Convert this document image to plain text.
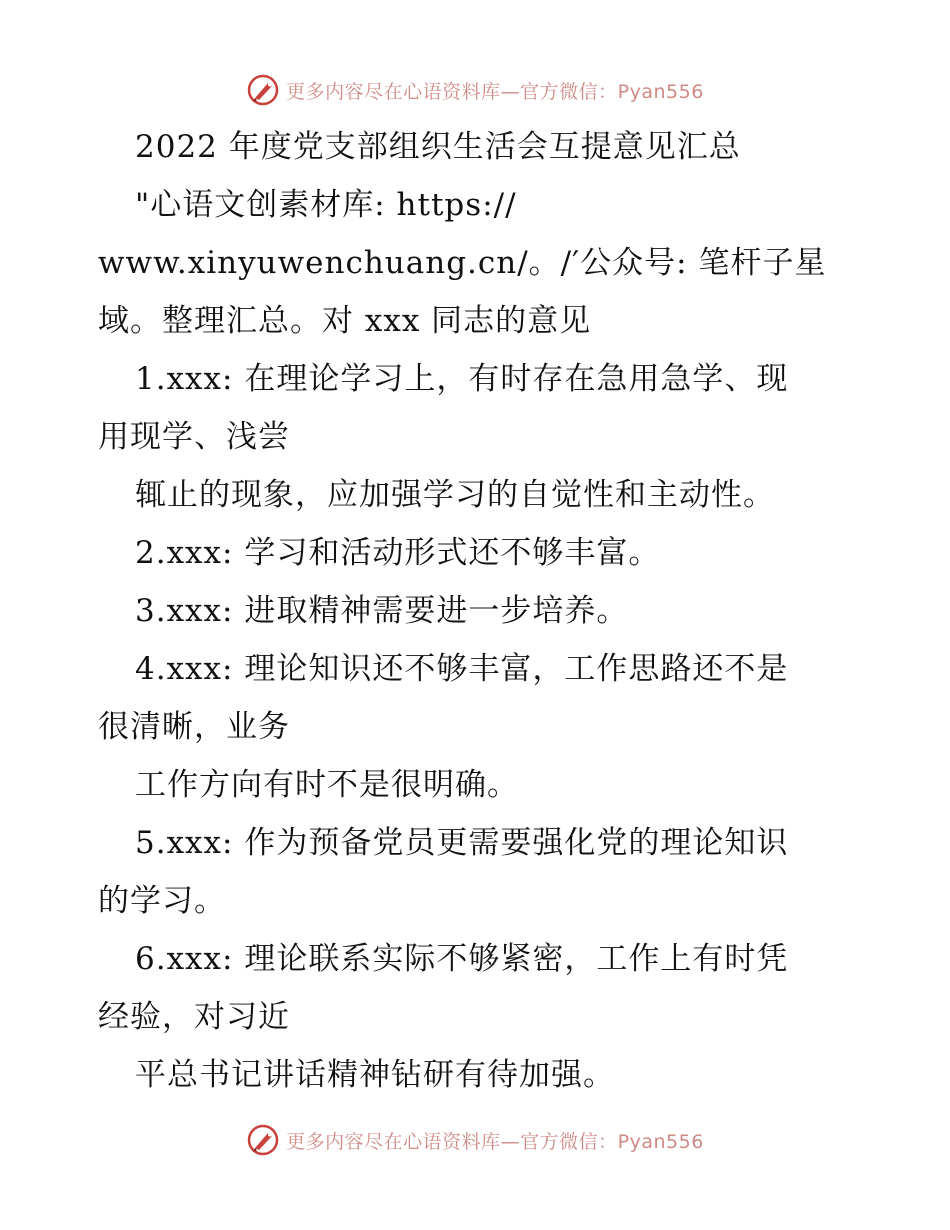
更多内容尽在心语资料库—官方微信：Pyan556
2022 年度党支部组织生活会互提意见汇总
"心语文创素材库: https://
www.xinyuwenchuang.cn/。/′公众号: 笔杆子星
域。整理汇总。对 xxx 同志的意见
1.xxx: 在理论学习上，有时存在急用急学、现
用现学、浅尝
辄止的现象，应加强学习的自觉性和主动性。
2.xxx: 学习和活动形式还不够丰富。
3.xxx: 进取精神需要进一步培养。
4.xxx: 理论知识还不够丰富，工作思路还不是
很清晰，业务
工作方向有时不是很明确。
5.xxx: 作为预备党员更需要强化党的理论知识
的学习。
6.xxx: 理论联系实际不够紧密，工作上有时凭
经验，对习近
平总书记讲话精神钻研有待加强。
更多内容尽在心语资料库—官方微信：Pyan556
